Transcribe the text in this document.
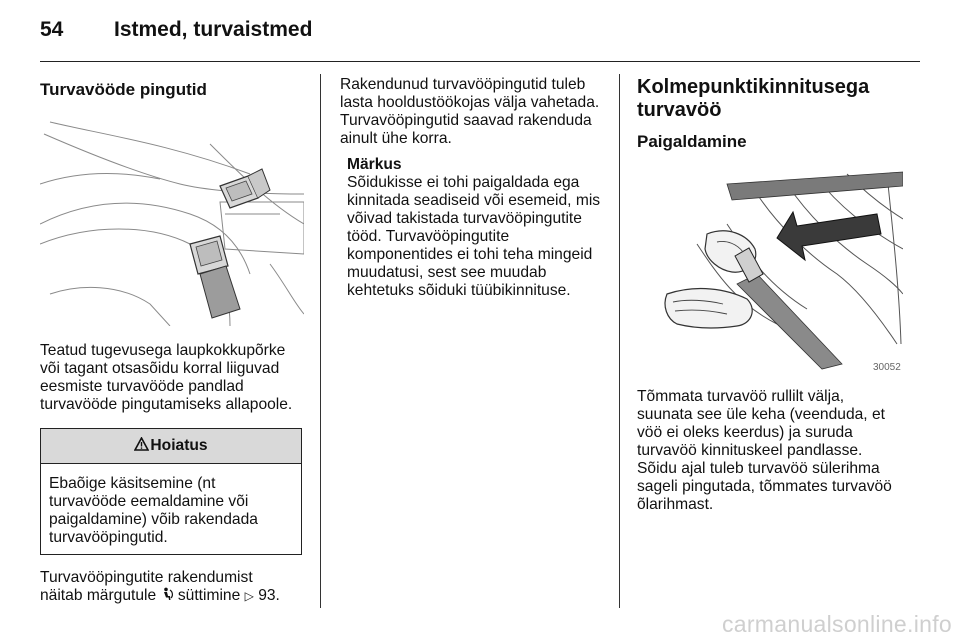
54 Istmed, turvaistmed
Turvavööde pingutid

Teatud tugevusega laupkokkupõrke
või tagant otsasõidu korral liiguvad
eesmiste turvavööde pandlad
turvavööde pingutamiseks allapoole.

Hoiatus
Ebaõige käsitsemine (nt
turvavööde eemaldamine või
paigaldamine) võib rakendada
turvavööpingutid.

Turvavööpingutite rakendumist
näitab märgutule süttimine ▷ 93.

Rakendunud turvavööpingutid tuleb
lasta hooldustöökojas välja vahetada.
Turvavööpingutid saavad rakenduda
ainult ühe korra.

Märkus
Sõidukisse ei tohi paigaldada ega
kinnitada seadiseid või esemeid, mis
võivad takistada turvavööpingutite
tööd. Turvavööpingutite
komponentides ei tohi teha mingeid
muudatusi, sest see muudab
kehtetuks sõiduki tüübikinnituse.
Kolmepunktikinnitusega
turvavöö
Paigaldamine
30052

Tõmmata turvavöö rullilt välja,
suunata see üle keha (veenduda, et
vöö ei oleks keerdus) ja suruda
turvavöö kinnituskeel pandlasse.
Sõidu ajal tuleb turvavöö sülerihma
sageli pingutada, tõmmates turvavöö
õlarihmast.

carmanualsonline.info
